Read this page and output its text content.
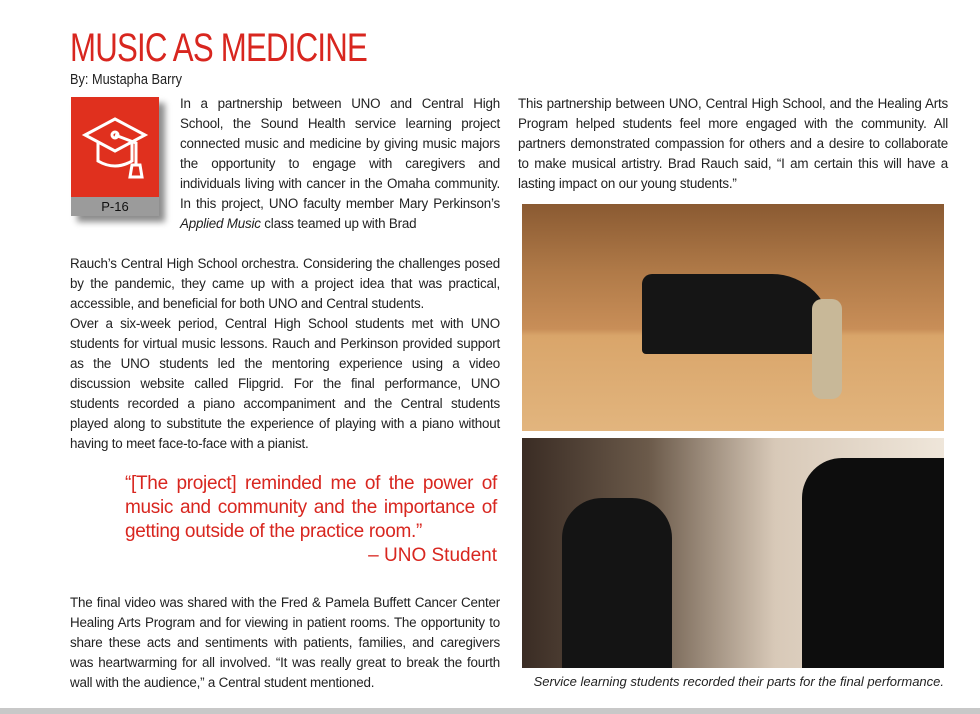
MUSIC AS MEDICINE
By: Mustapha Barry
P-16
In a partnership between UNO and Central High School, the Sound Health service learning project connected music and medicine by giving music majors the opportunity to engage with caregivers and individuals living with cancer in the Omaha community. In this project, UNO faculty member Mary Perkinson’s Applied Music class teamed up with Brad
Rauch’s Central High School orchestra. Considering the challenges posed by the pandemic, they came up with a project idea that was practical, accessible, and beneficial for both UNO and Central students.
Over a six-week period, Central High School students met with UNO students for virtual music lessons. Rauch and Perkinson provided support as the UNO students led the mentoring experience using a video discussion website called Flipgrid. For the final performance, UNO students recorded a piano accompaniment and the Central students played along to substitute the experience of playing with a piano without having to meet face-to-face with a pianist.
“[The project] reminded me of the power of music and community and the importance of getting outside of the practice room.”
– UNO Student
The final video was shared with the Fred & Pamela Buffett Cancer Center Healing Arts Program and for viewing in patient rooms. The opportunity to share these acts and sentiments with patients, families, and caregivers was heartwarming for all involved. “It was really great to break the fourth wall with the audience,” a Central student mentioned.
This partnership between UNO, Central High School, and the Healing Arts Program helped students feel more engaged with the community. All partners demonstrated compassion for others and a desire to collaborate to make musical artistry. Brad Rauch said, “I am certain this will have a lasting impact on our young students.”
Service learning students recorded their parts for the final performance.
